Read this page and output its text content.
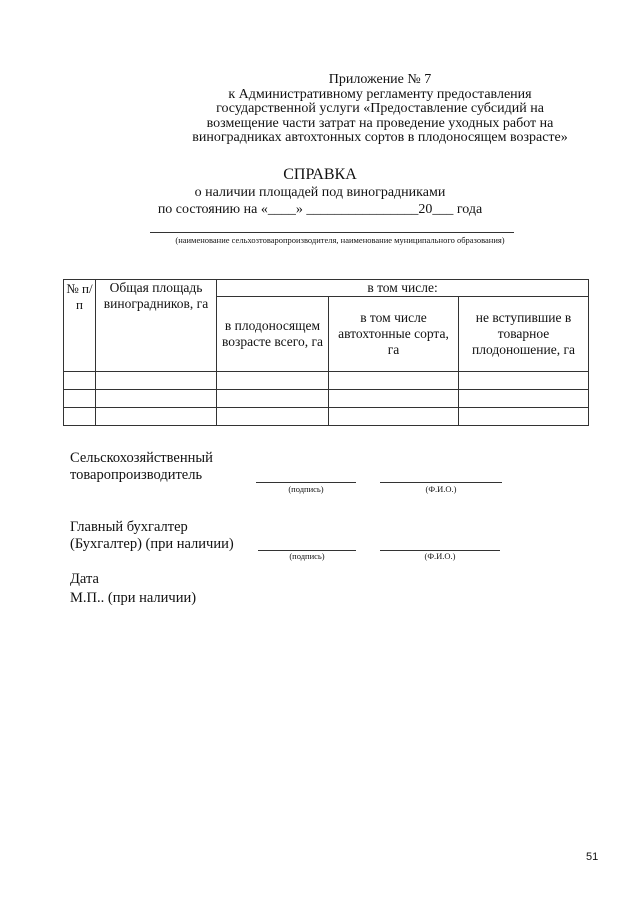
Приложение № 7
к Административному регламенту предоставления
государственной услуги «Предоставление субсидий на
возмещение части затрат на проведение уходных работ на
виноградниках автохтонных сортов в плодоносящем возрасте»
СПРАВКА
о наличии площадей под виноградниками
по состоянию на «____» ________________20___ года
(наименование сельхозтоваропроизводителя, наименование муниципального образования)
№ п/п	Общая площадь виноградников, га	в том числе:		
		в плодоносящем возрасте всего, га	в том числе автохтонные сорта, га	не вступившие в товарное плодоношение, га

Сельскохозяйственный
товаропроизводитель
(подпись)	(Ф.И.О.)
Главный бухгалтер
(Бухгалтер) (при наличии)
(подпись)	(Ф.И.О.)
Дата
М.П.. (при наличии)
51
